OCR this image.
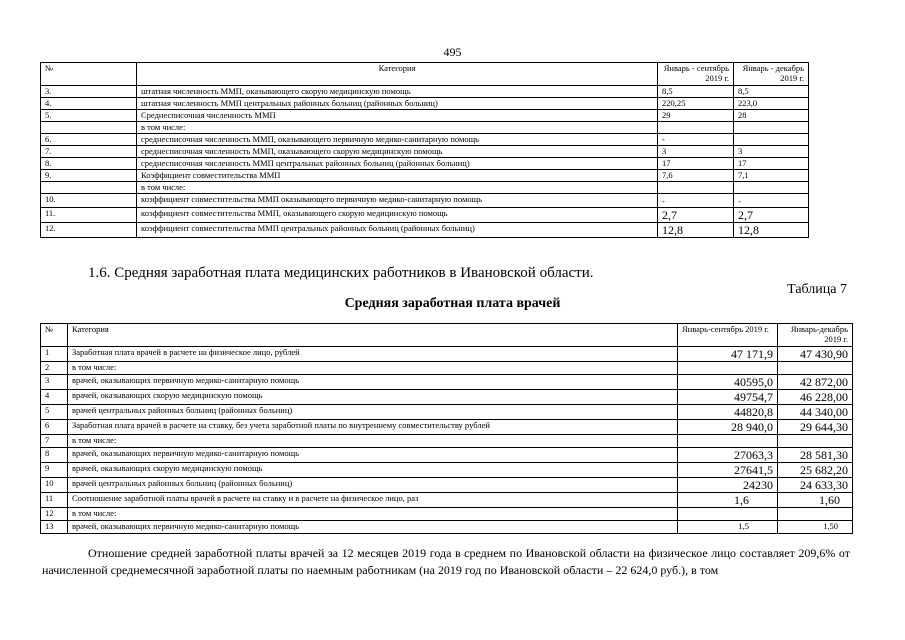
495
№	Категория	Январь - сентябрь 2019 г.	Январь - декабрь 2019 г.
3.	штатная численность ММП, оказывающего скорую медицинскую помощь	8,5	8,5
4.	штатная численность ММП центральных районных больниц (районных больниц)	220,25	223,0
5.	Среднесписочная численность ММП	29	28
	в том числе:		
6.	среднесписочная численность ММП, оказывающего первичную медико-санитарную помощь	-	
7.	среднесписочная численность ММП, оказывающего скорую медицинскую помощь	3	3
8.	среднесписочная численность ММП центральных районных больниц (районных больниц)	17	17
9.	Коэффициент совместительства ММП	7,6	7,1
	в том числе:		
10.	коэффициент совместительства ММП оказывающего первичную медико-санитарную помощь	-	-
11.	коэффициент совместительства ММП, оказывающего скорую медицинскую помощь	2,7	2,7
12.	коэффициент совместительства ММП центральных районных больниц (районных больниц)	12,8	12,8
1.6. Средняя заработная плата медицинских работников в Ивановской области.
Таблица 7
Средняя заработная плата врачей
№	Категория	Январь-сентябрь 2019 г.	Январь-декабрь 2019 г.
1	Заработная плата врачей в расчете на физическое лицо, рублей	47 171,9	47 430,90
2	в том числе:		
3	врачей, оказывающих первичную медико-санитарную помощь	40595,0	42 872,00
4	врачей, оказывающих скорую медицинскую помощь	49754,7	46 228,00
5	врачей центральных районных больниц (районных больниц)	44820,8	44 340,00
6	Заработная плата врачей в расчете на ставку, без учета заработной платы по внутреннему совместительству рублей	28 940,0	29 644,30
7	в том числе:		
8	врачей, оказывающих первичную медико-санитарную помощь	27063,3	28 581,30
9	врачей, оказывающих скорую медицинскую помощь	27641,5	25 682,20
10	врачей центральных районных больниц (районных больниц)	24230	24 633,30
11	Соотношение заработной платы врачей в расчете на ставку и в расчете на физическое лицо, раз	1,6	1,60
12	в том числе:		
13	врачей, оказывающих первичную медико-санитарную помощь	1,5	1,50
Отношение средней заработной платы врачей за 12 месяцев 2019 года в среднем по Ивановской области на физическое лицо составляет 209,6% от начисленной среднемесячной заработной платы по наемным работникам (на 2019 год по Ивановской области – 22 624,0 руб.), в том
